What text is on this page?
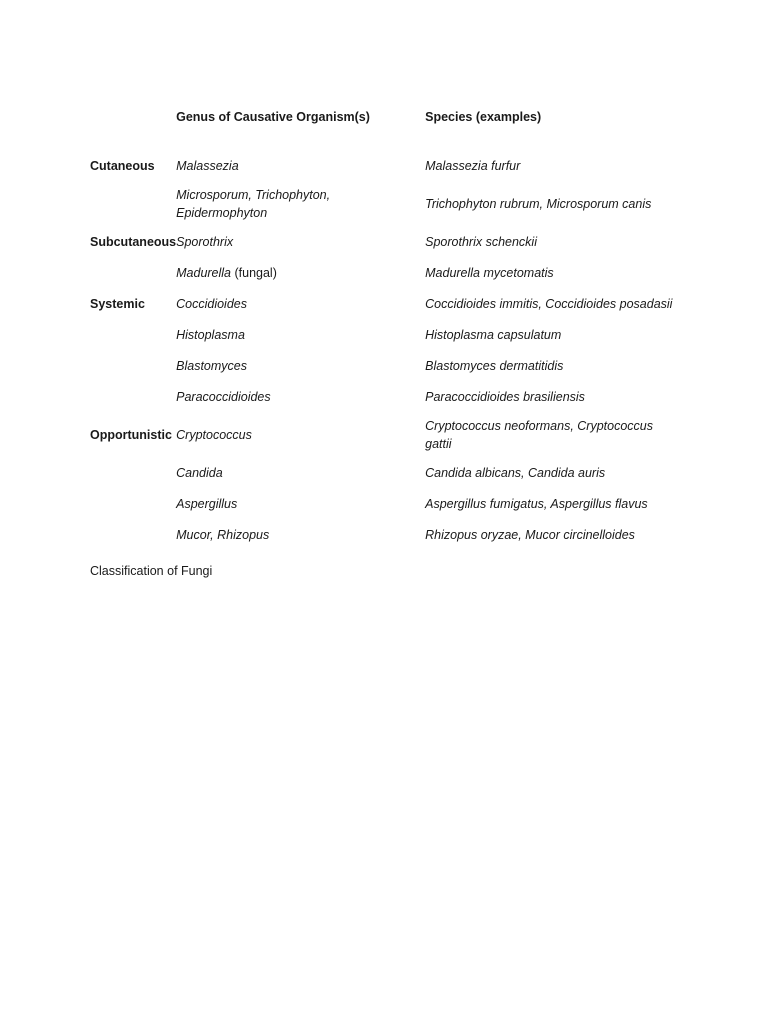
	Genus of Causative Organism(s)	Species (examples)

Cutaneous	Malassezia	Malassezia furfur
	Microsporum, Trichophyton, Epidermophyton	Trichophyton rubrum, Microsporum canis
Subcutaneous	Sporothrix	Sporothrix schenckii
	Madurella (fungal)	Madurella mycetomatis
Systemic	Coccidioides	Coccidioides immitis, Coccidioides posadasii
	Histoplasma	Histoplasma capsulatum
	Blastomyces	Blastomyces dermatitidis
	Paracoccidioides	Paracoccidioides brasiliensis
Opportunistic	Cryptococcus	Cryptococcus neoformans, Cryptococcus gattii
	Candida	Candida albicans, Candida auris
	Aspergillus	Aspergillus fumigatus, Aspergillus flavus
	Mucor, Rhizopus	Rhizopus oryzae, Mucor circinelloides
Classification of Fungi
